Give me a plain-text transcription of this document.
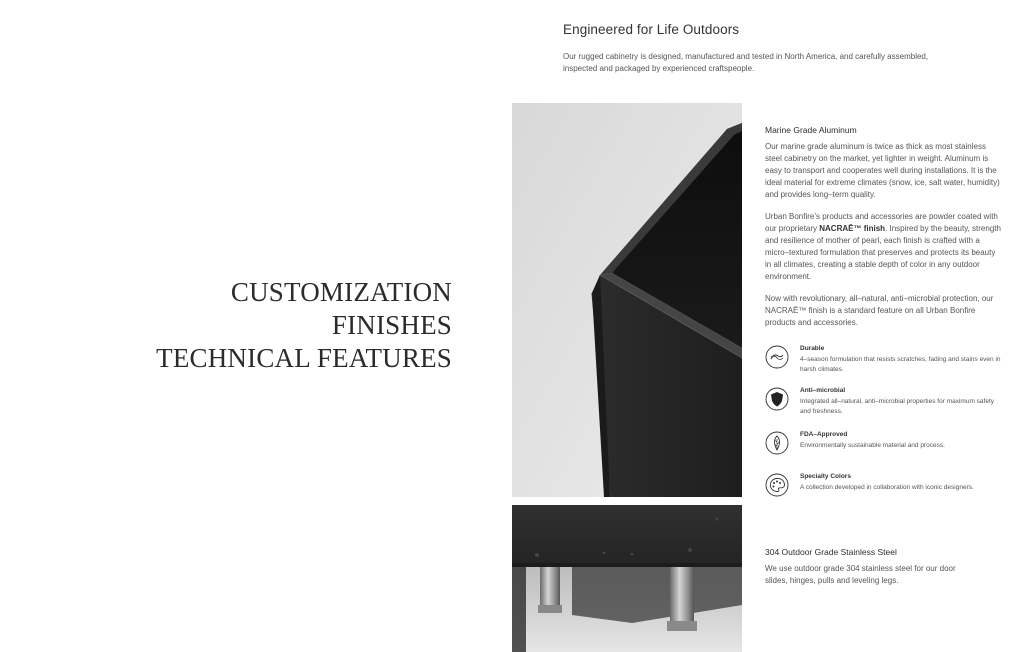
Engineered for Life Outdoors
Our rugged cabinetry is designed, manufactured and tested in North America, and carefully assembled, inspected and packaged by experienced craftspeople.
CUSTOMIZATION
FINISHES
TECHNICAL FEATURES
Marine Grade Aluminum
Our marine grade aluminum is twice as thick as most stainless steel cabinetry on the market, yet lighter in weight. Aluminum is easy to transport and cooperates well during installations. It is the ideal material for extreme climates (snow, ice, salt water, humidity) and provides long–term quality.
Urban Bonfire’s products and accessories are powder coated with our proprietary NACRAĒ™ finish. Inspired by the beauty, strength and resilience of mother of pearl, each finish is crafted with a micro–textured formulation that preserves and protects its beauty in all climates, creating a stable depth of color in any outdoor environment.
Now with revolutionary, all–natural, anti–microbial protection, our NACRAĒ™ finish is a standard feature on all Urban Bonfire products and accessories.
Durable
4–season formulation that resists scratches, fading and stains even in harsh climates.
Anti–microbial
Integrated all–natural, anti–microbial properties for maximum safety and freshness.
FDA–Approved
Environmentally sustainable material and process.
Specialty Colors
A collection developed in collaboration with iconic designers.
304 Outdoor Grade Stainless Steel
We use outdoor grade 304 stainless steel for our door slides, hinges, pulls and leveling legs.
